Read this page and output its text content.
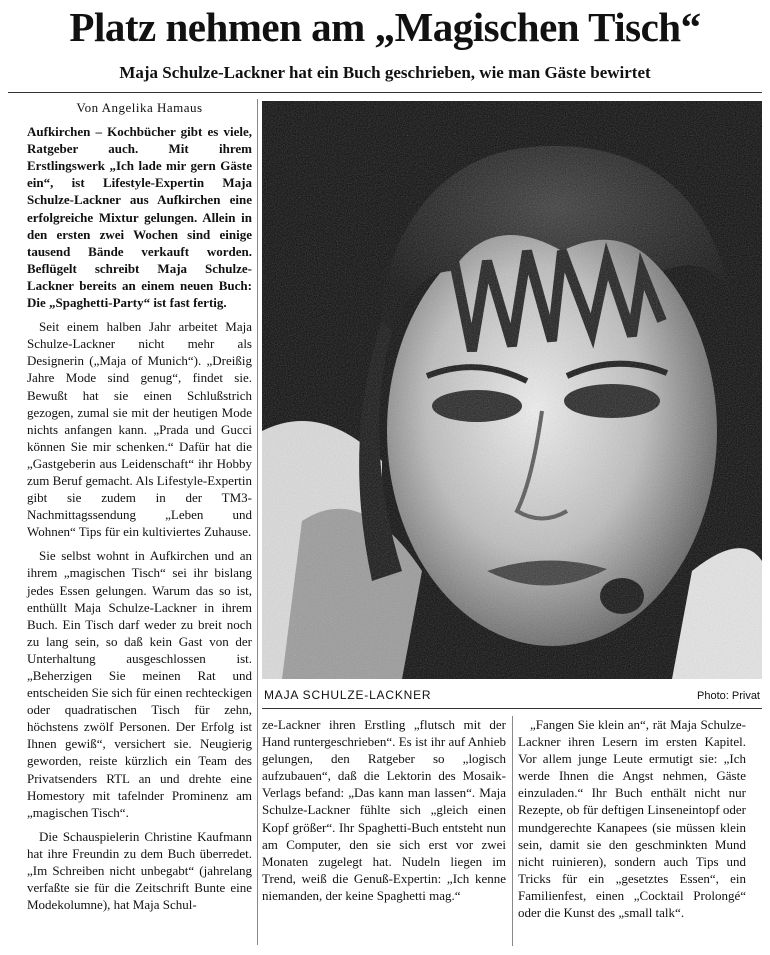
Platz nehmen am „Magischen Tisch“
Maja Schulze-Lackner hat ein Buch geschrieben, wie man Gäste bewirtet

Von Angelika Hamaus

Aufkirchen – Kochbücher gibt es viele, Ratgeber auch. Mit ihrem Erstlingswerk „Ich lade mir gern Gäste ein“, ist Lifestyle-Expertin Maja Schulze-Lackner aus Aufkirchen eine erfolgreiche Mixtur gelungen. Allein in den ersten zwei Wochen sind einige tausend Bände verkauft worden. Beflügelt schreibt Maja Schulze-Lackner bereits an einem neuen Buch: Die „Spaghetti-Party“ ist fast fertig.

Seit einem halben Jahr arbeitet Maja Schulze-Lackner nicht mehr als Designerin („Maja of Munich“). „Dreißig Jahre Mode sind genug“, findet sie. Bewußt hat sie einen Schlußstrich gezogen, zumal sie mit der heutigen Mode nichts anfangen kann. „Prada und Gucci können Sie mir schenken.“ Dafür hat die „Gastgeberin aus Leidenschaft“ ihr Hobby zum Beruf gemacht. Als Lifestyle-Expertin gibt sie zudem in der TM3-Nachmittagssendung „Leben und Wohnen“ Tips für ein kultiviertes Zuhause.

Sie selbst wohnt in Aufkirchen und an ihrem „magischen Tisch“ sei ihr bislang jedes Essen gelungen. Warum das so ist, enthüllt Maja Schulze-Lackner in ihrem Buch. Ein Tisch darf weder zu breit noch zu lang sein, so daß kein Gast von der Unterhaltung ausgeschlossen ist. „Beherzigen Sie meinen Rat und entscheiden Sie sich für einen rechteckigen oder quadratischen Tisch für zehn, höchstens zwölf Personen. Der Erfolg ist Ihnen gewiß“, versichert sie. Neugierig geworden, reiste kürzlich ein Team des Privatsenders RTL an und drehte eine Homestory mit tafelnder Prominenz am „magischen Tisch“.

Die Schauspielerin Christine Kaufmann hat ihre Freundin zu dem Buch überredet. „Im Schreiben nicht unbegabt“ (jahrelang verfaßte sie für die Zeitschrift Bunte eine Modekolumne), hat Maja Schul-

MAJA SCHULZE-LACKNER	Photo: Privat

ze-Lackner ihren Erstling „flutsch mit der Hand runtergeschrieben“. Es ist ihr auf Anhieb gelungen, den Ratgeber so „logisch aufzubauen“, daß die Lektorin des Mosaik-Verlags befand: „Das kann man lassen“. Maja Schulze-Lackner fühlte sich „gleich einen Kopf größer“. Ihr Spaghetti-Buch entsteht nun am Computer, den sie sich erst vor zwei Monaten zugelegt hat. Nudeln liegen im Trend, weiß die Genuß-Expertin: „Ich kenne niemanden, der keine Spaghetti mag.“

„Fangen Sie klein an“, rät Maja Schulze-Lackner ihren Lesern im ersten Kapitel. Vor allem junge Leute ermutigt sie: „Ich werde Ihnen die Angst nehmen, Gäste einzuladen.“ Ihr Buch enthält nicht nur Rezepte, ob für deftigen Linseneintopf oder mundgerechte Kanapees (sie müssen klein sein, damit sie den geschminkten Mund nicht ruinieren), sondern auch Tips und Tricks für ein „gesetztes Essen“, ein Familienfest, einen „Cocktail Prolongé“ oder die Kunst des „small talk“.
